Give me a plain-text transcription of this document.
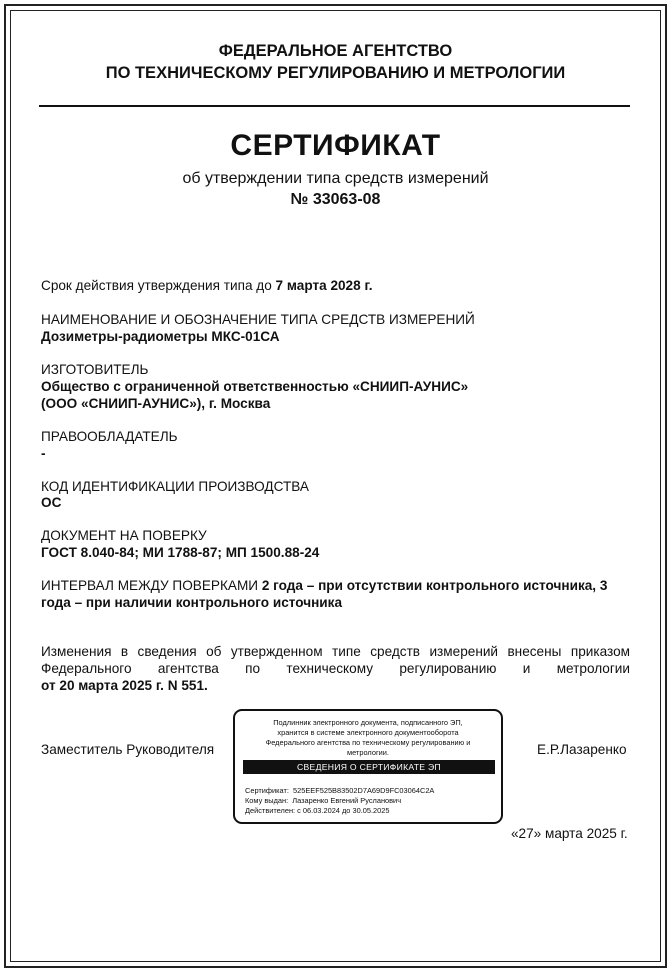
ФЕДЕРАЛЬНОЕ АГЕНТСТВО
ПО ТЕХНИЧЕСКОМУ РЕГУЛИРОВАНИЮ И МЕТРОЛОГИИ
СЕРТИФИКАТ
об утверждении типа средств измерений
№ 33063-08
Срок действия утверждения типа до 7 марта 2028 г.
НАИМЕНОВАНИЕ И ОБОЗНАЧЕНИЕ ТИПА СРЕДСТВ ИЗМЕРЕНИЙ
Дозиметры-радиометры МКС-01СА
ИЗГОТОВИТЕЛЬ
Общество с ограниченной ответственностью «СНИИП-АУНИС»
(ООО «СНИИП-АУНИС»), г. Москва
ПРАВООБЛАДАТЕЛЬ
-
КОД ИДЕНТИФИКАЦИИ ПРОИЗВОДСТВА
ОС
ДОКУМЕНТ НА ПОВЕРКУ
ГОСТ 8.040-84; МИ 1788-87; МП 1500.88-24
ИНТЕРВАЛ МЕЖДУ ПОВЕРКАМИ 2 года – при отсутствии контрольного источника, 3
года – при наличии контрольного источника
Изменения в сведения об утвержденном типе средств измерений внесены приказом
Федерального агентства по техническому регулированию и метрологии
от 20 марта 2025 г. N 551.
Заместитель Руководителя
Подлинник электронного документа, подписанного ЭП,
хранится в системе электронного документооборота
Федерального агентства по техническому регулированию и
метрологии.
СВЕДЕНИЯ О СЕРТИФИКАТЕ ЭП
Сертификат: 525EEF525B83502D7A69D9FC03064C2A
Кому выдан: Лазаренко Евгений Русланович
Действителен: с 06.03.2024 до 30.05.2025
Е.Р.Лазаренко
«27» марта 2025 г.
